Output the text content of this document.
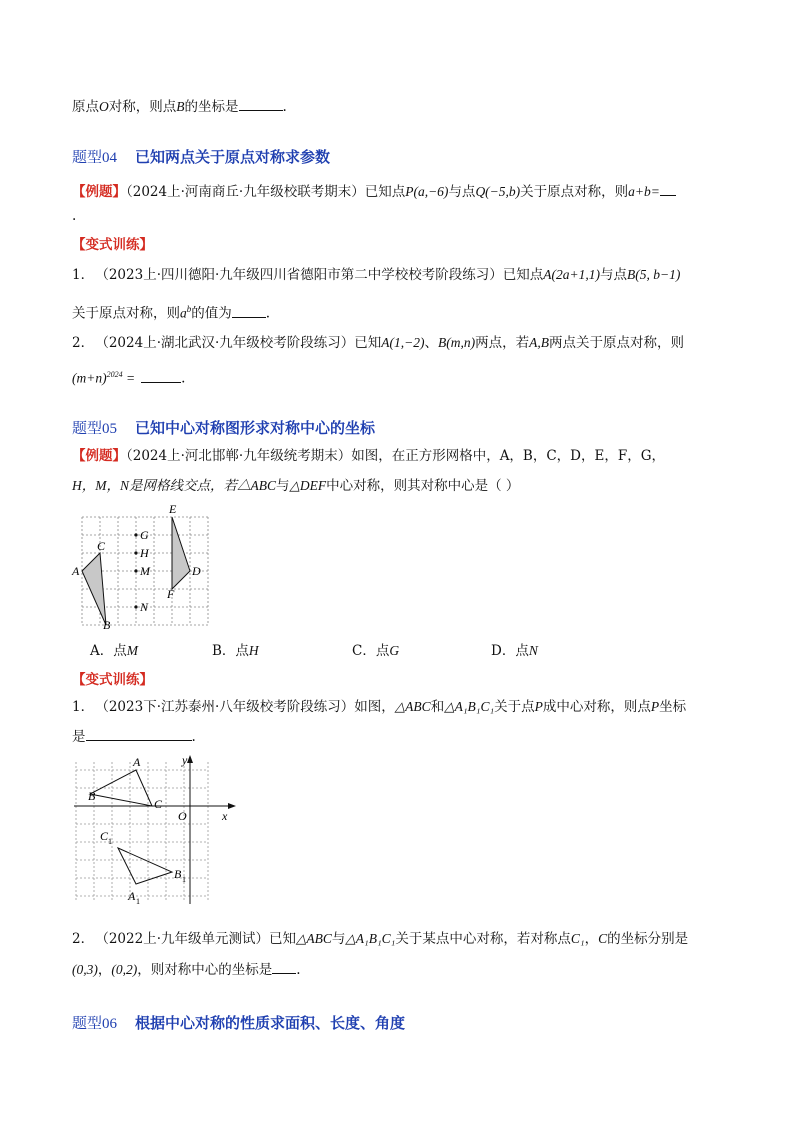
原点O对称，则点B的坐标是	.
题型04 已知两点关于原点对称求参数
【例题】（2024上·河南商丘·九年级校联考期末）已知点P(a,−6)与点Q(−5,b)关于原点对称，则a+b=
.
【变式训练】
1． （2023上·四川德阳·九年级四川省德阳市第二中学校校考阶段练习）已知点A(2a+1,1)与点B(5, b−1)
关于原点对称，则$a^b$的值为	.
2． （2024上·湖北武汉·九年级校考阶段练习）已知A(1,−2)、B(m,n)两点，若A,B两点关于原点对称，则
$(m+n)^{2024}$ =	.
题型05 已知中心对称图形求对称中心的坐标
【例题】（2024上·河北邯郸·九年级统考期末）如图，在正方形网格中，A，B，C，D，E，F，G，
H，M，N是网格线交点，若△ABC与△DEF中心对称，则其对称中心是（ ）
A
B
C
D
E
F
G
H
M
N
A．点M	B．点H	C．点G	D．点N
【变式训练】
1． （2023下·江苏泰州·八年级校考阶段练习）如图，△ABC和△A₁B₁C₁关于点P成中心对称，则点P坐标
是	.
A
B
C
C 1
B 1
A 1
O	x
y
2． （2022上·九年级单元测试）已知△ABC与△A₁B₁C₁关于某点中心对称，若对称点C₁，C的坐标分别是
(0,3)，(0,2)，则对称中心的坐标是 .
题型06 根据中心对称的性质求面积、长度、角度
